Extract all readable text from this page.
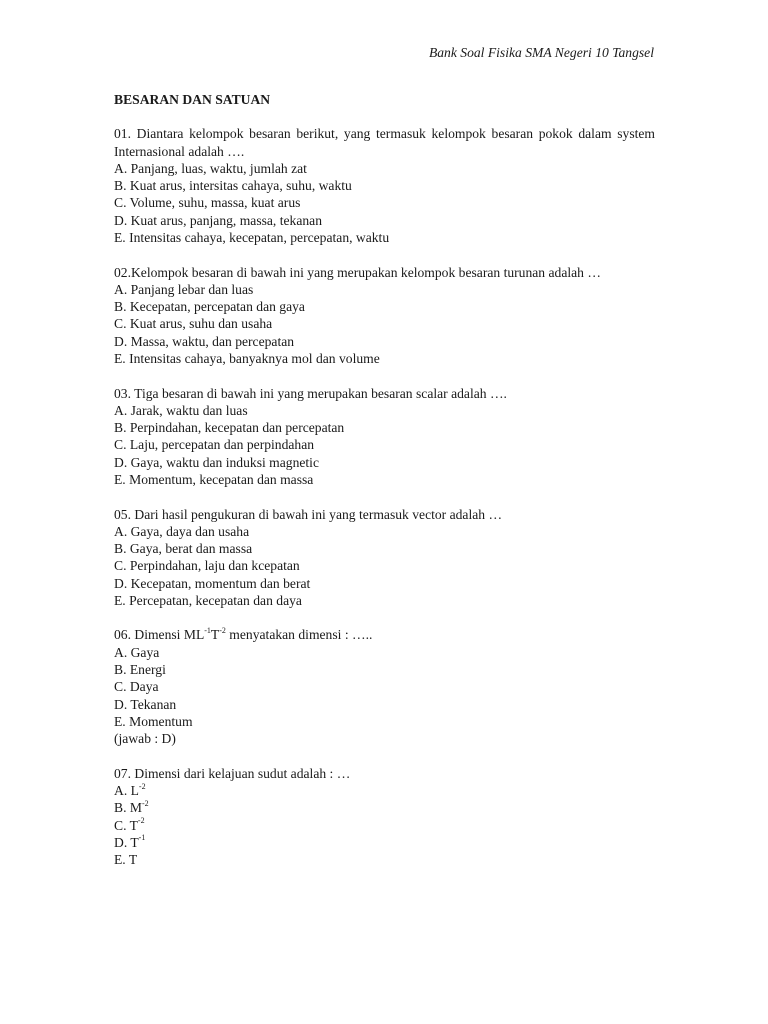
Bank Soal Fisika SMA Negeri 10 Tangsel
BESARAN DAN SATUAN
01. Diantara kelompok besaran berikut, yang termasuk kelompok besaran pokok dalam system Internasional adalah ….
A. Panjang, luas, waktu, jumlah zat
B. Kuat arus, intersitas cahaya, suhu, waktu
C. Volume, suhu, massa, kuat arus
D. Kuat arus, panjang, massa, tekanan
E. Intensitas cahaya, kecepatan, percepatan, waktu
02.Kelompok besaran di bawah ini yang merupakan kelompok besaran turunan adalah …
A. Panjang lebar dan luas
B. Kecepatan, percepatan dan gaya
C. Kuat arus, suhu dan usaha
D. Massa, waktu, dan percepatan
E. Intensitas cahaya, banyaknya mol dan volume
03. Tiga besaran di bawah ini yang merupakan besaran scalar adalah ….
A. Jarak, waktu dan luas
B. Perpindahan, kecepatan dan percepatan
C. Laju, percepatan dan perpindahan
D. Gaya, waktu dan induksi magnetic
E. Momentum, kecepatan dan massa
05. Dari hasil pengukuran di bawah ini yang termasuk vector adalah …
A. Gaya, daya dan usaha
B. Gaya, berat dan massa
C. Perpindahan, laju dan kcepatan
D. Kecepatan, momentum dan berat
E. Percepatan, kecepatan dan daya
06. Dimensi $ML^{-1}T^{-2}$ menyatakan dimensi : …..
A. Gaya
B. Energi
C. Daya
D. Tekanan
E. Momentum
(jawab : D)
07. Dimensi dari kelajuan sudut adalah : …
A. $L^{-2}$
B. $M^{-2}$
C. $T^{-2}$
D. $T^{-1}$
E. T
